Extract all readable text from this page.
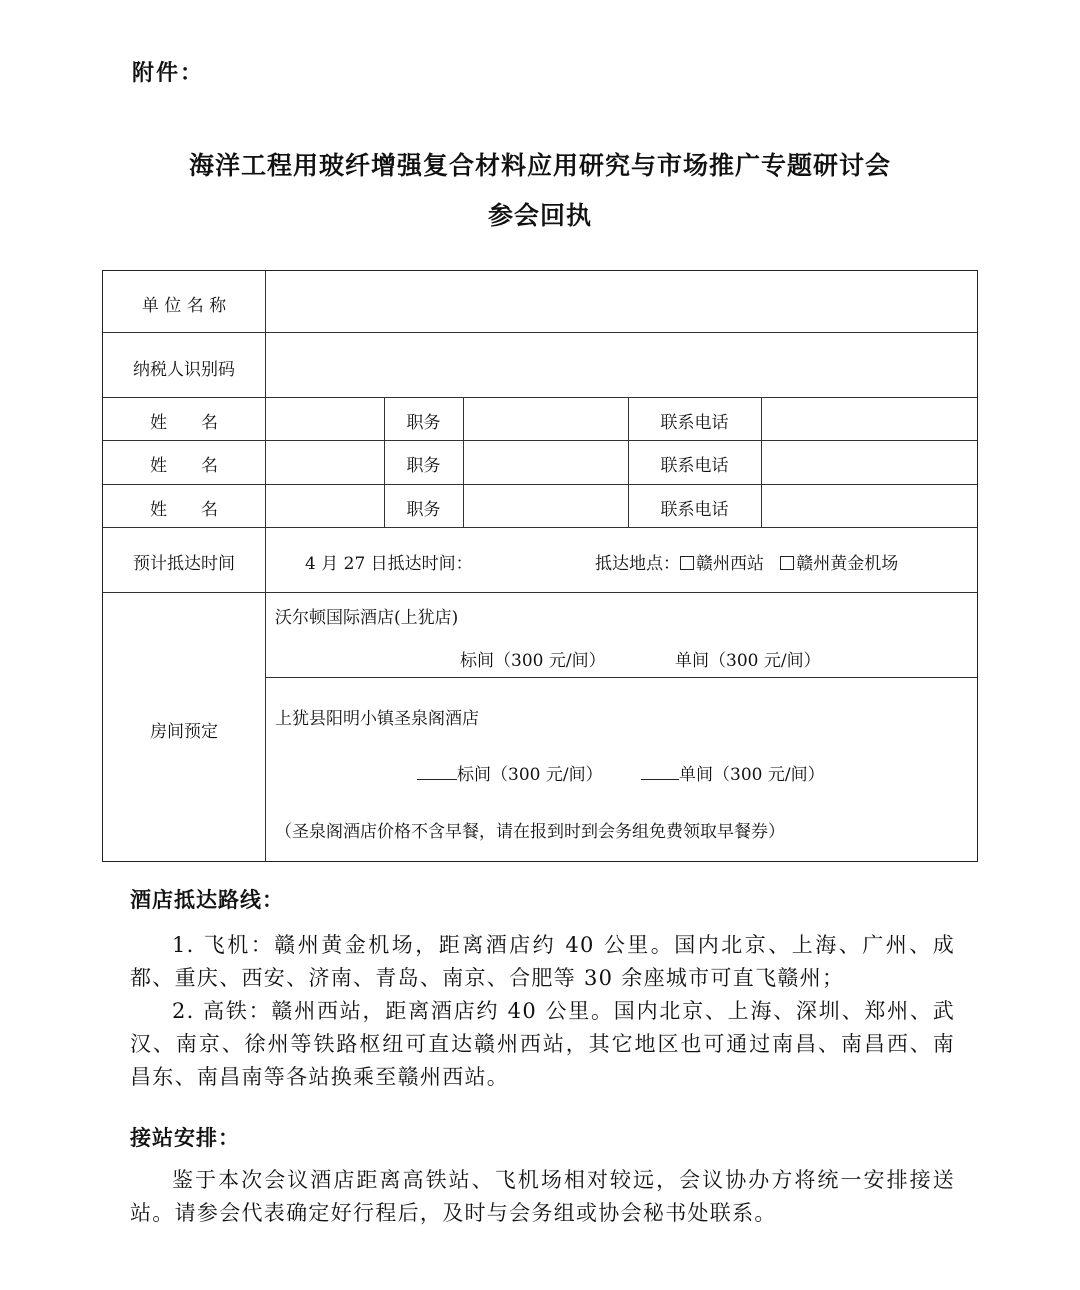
附件：
海洋工程用玻纤增强复合材料应用研究与市场推广专题研讨会
参会回执
单 位 名 称
纳税人识别码
姓　　名	职务	联系电话
姓　　名	职务	联系电话
姓　　名	职务	联系电话
预计抵达时间	4 月 27 日抵达时间：	抵达地点： 赣州西站 赣州黄金机场
房间预定
沃尔顿国际酒店(上犹店)
标间（300 元/间）	单间（300 元/间）
上犹县阳明小镇圣泉阁酒店
标间（300 元/间）	单间（300 元/间）
（圣泉阁酒店价格不含早餐，请在报到时到会务组免费领取早餐券）
酒店抵达路线：

1. 飞机：赣州黄金机场，距离酒店约 40 公里。国内北京、上海、广州、成都、重庆、西安、济南、青岛、南京、合肥等 30 余座城市可直飞赣州；

2. 高铁：赣州西站，距离酒店约 40 公里。国内北京、上海、深圳、郑州、武汉、南京、徐州等铁路枢纽可直达赣州西站，其它地区也可通过南昌、南昌西、南昌东、南昌南等各站换乘至赣州西站。

接站安排：

鉴于本次会议酒店距离高铁站、飞机场相对较远，会议协办方将统一安排接送站。请参会代表确定好行程后，及时与会务组或协会秘书处联系。
